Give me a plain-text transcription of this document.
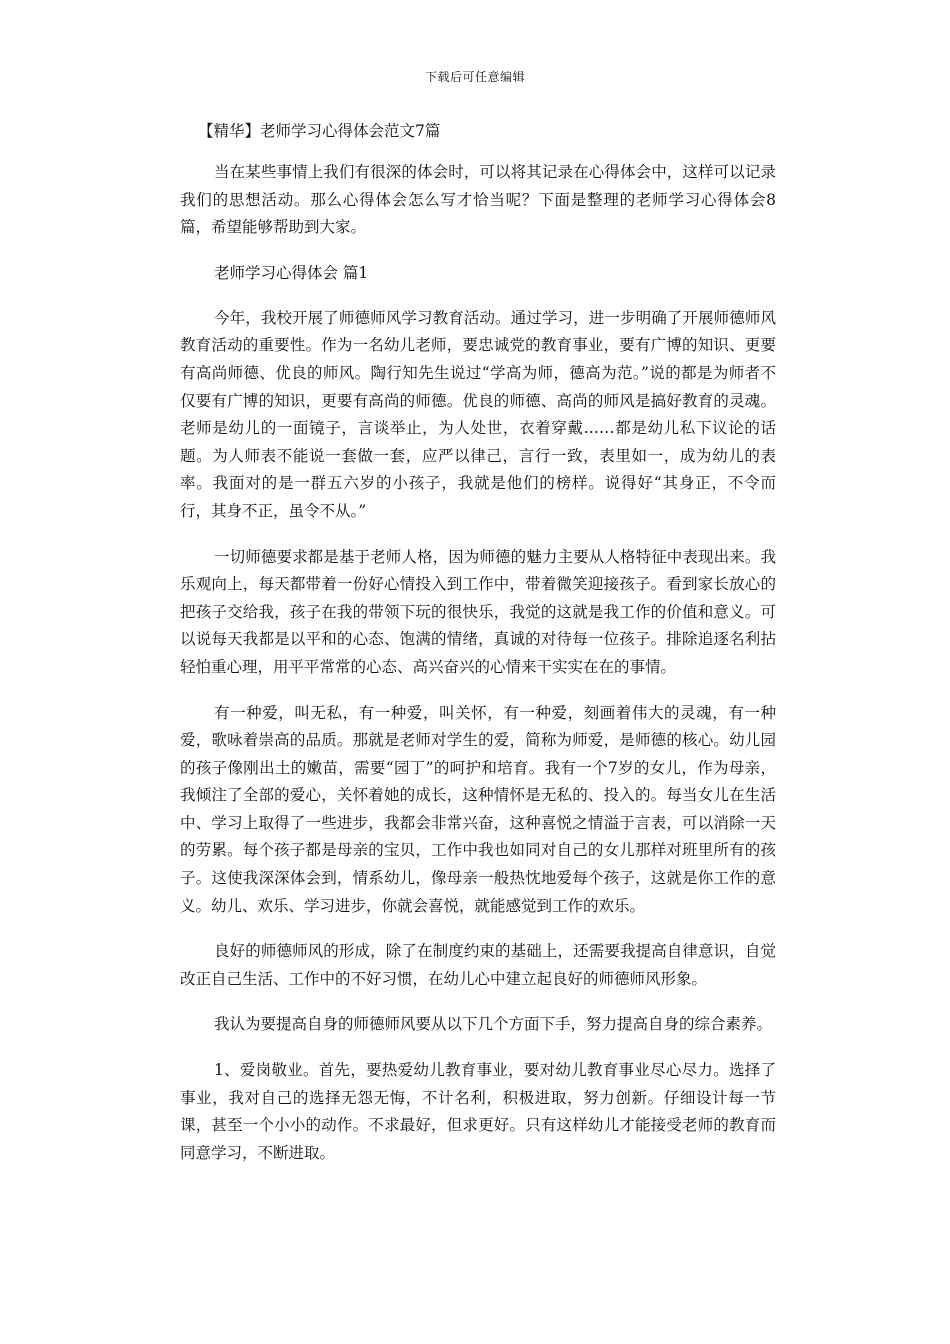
下载后可任意编辑
【精华】老师学习心得体会范文7篇

当在某些事情上我们有很深的体会时，可以将其记录在心得体会中，这样可以记录我们的思想活动。那么心得体会怎么写才恰当呢？下面是整理的老师学习心得体会8篇，希望能够帮助到大家。

老师学习心得体会 篇1

今年，我校开展了师德师风学习教育活动。通过学习，进一步明确了开展师德师风教育活动的重要性。作为一名幼儿老师，要忠诚党的教育事业，要有广博的知识、更要有高尚师德、优良的师风。陶行知先生说过“学高为师，德高为范。”说的都是为师者不仅要有广博的知识，更要有高尚的师德。优良的师德、高尚的师风是搞好教育的灵魂。老师是幼儿的一面镜子，言谈举止，为人处世，衣着穿戴……都是幼儿私下议论的话题。为人师表不能说一套做一套，应严以律己，言行一致，表里如一，成为幼儿的表率。我面对的是一群五六岁的小孩子，我就是他们的榜样。说得好“其身正，不令而行，其身不正，虽令不从。”

一切师德要求都是基于老师人格，因为师德的魅力主要从人格特征中表现出来。我乐观向上，每天都带着一份好心情投入到工作中，带着微笑迎接孩子。看到家长放心的把孩子交给我，孩子在我的带领下玩的很快乐，我觉的这就是我工作的价值和意义。可以说每天我都是以平和的心态、饱满的情绪，真诚的对待每一位孩子。排除追逐名利拈轻怕重心理，用平平常常的心态、高兴奋兴的心情来干实实在在的事情。

有一种爱，叫无私，有一种爱，叫关怀，有一种爱，刻画着伟大的灵魂，有一种爱，歌咏着崇高的品质。那就是老师对学生的爱，简称为师爱，是师德的核心。幼儿园的孩子像刚出土的嫩苗，需要“园丁”的呵护和培育。我有一个7岁的女儿，作为母亲，我倾注了全部的爱心，关怀着她的成长，这种情怀是无私的、投入的。每当女儿在生活中、学习上取得了一些进步，我都会非常兴奋，这种喜悦之情溢于言表，可以消除一天的劳累。每个孩子都是母亲的宝贝，工作中我也如同对自己的女儿那样对班里所有的孩子。这使我深深体会到，情系幼儿，像母亲一般热忱地爱每个孩子，这就是你工作的意义。幼儿、欢乐、学习进步，你就会喜悦，就能感觉到工作的欢乐。

良好的师德师风的形成，除了在制度约束的基础上，还需要我提高自律意识，自觉改正自己生活、工作中的不好习惯，在幼儿心中建立起良好的师德师风形象。

我认为要提高自身的师德师风要从以下几个方面下手，努力提高自身的综合素养。

1、爱岗敬业。首先，要热爱幼儿教育事业，要对幼儿教育事业尽心尽力。选择了事业，我对自己的选择无怨无悔，不计名利，积极进取，努力创新。仔细设计每一节课，甚至一个小小的动作。不求最好，但求更好。只有这样幼儿才能接受老师的教育而同意学习，不断进取。
